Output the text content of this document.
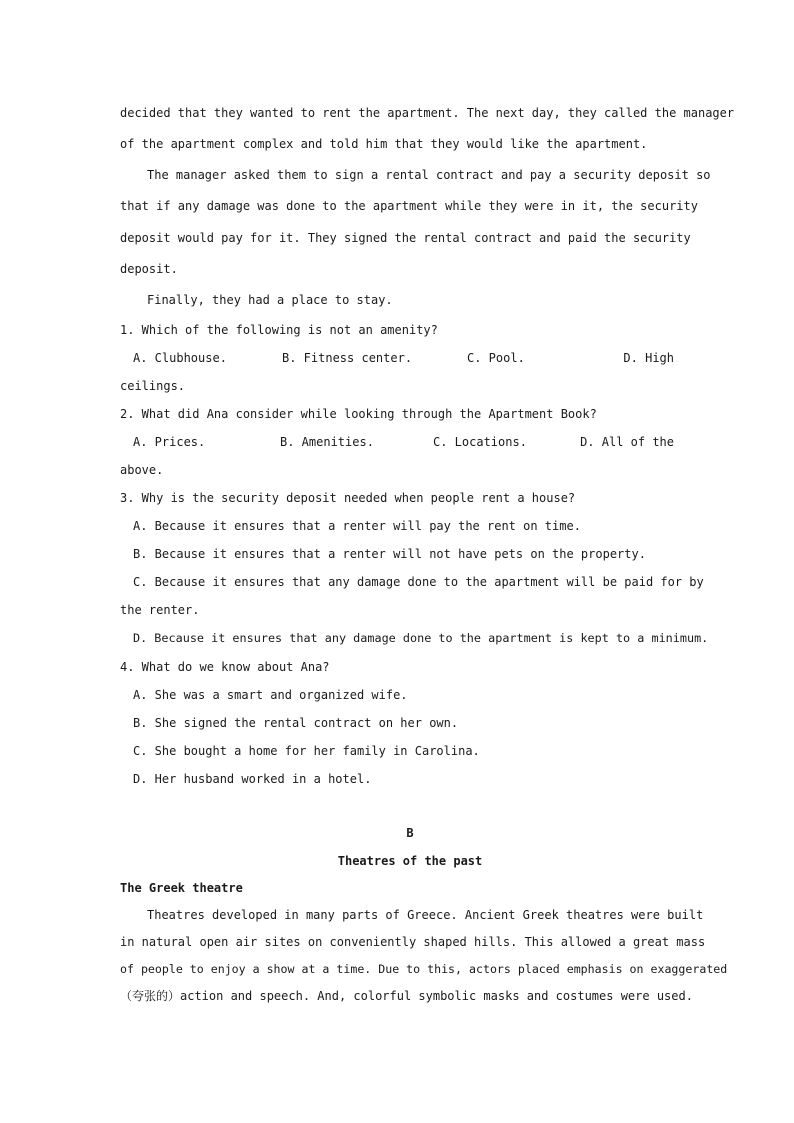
decided that they wanted to rent the apartment. The next day, they called the manager
of the apartment complex and told him that they would like the apartment.
The manager asked them to sign a rental contract and pay a security deposit so
that if any damage was done to the apartment while they were in it, the security
deposit would pay for it. They signed the rental contract and paid the security
deposit.
Finally, they had a place to stay.
1. Which of the following is not an amenity?
A. Clubhouse.	B. Fitness center.	C. Pool.	D. High
ceilings.
2. What did Ana consider while looking through the Apartment Book?
A. Prices.	B. Amenities.	C. Locations.	D. All of the
above.
3. Why is the security deposit needed when people rent a house?
A. Because it ensures that a renter will pay the rent on time.
B. Because it ensures that a renter will not have pets on the property.
C. Because it ensures that any damage done to the apartment will be paid for by
the renter.
D. Because it ensures that any damage done to the apartment is kept to a minimum.
4. What do we know about Ana?
A. She was a smart and organized wife.
B. She signed the rental contract on her own.
C. She bought a home for her family in Carolina.
D. Her husband worked in a hotel.
B
Theatres of the past
The Greek theatre
Theatres developed in many parts of Greece. Ancient Greek theatres were built
in natural open air sites on conveniently shaped hills. This allowed a great mass
of people to enjoy a show at a time. Due to this, actors placed emphasis on exaggerated
（夸张的）action and speech. And, colorful symbolic masks and costumes were used.
